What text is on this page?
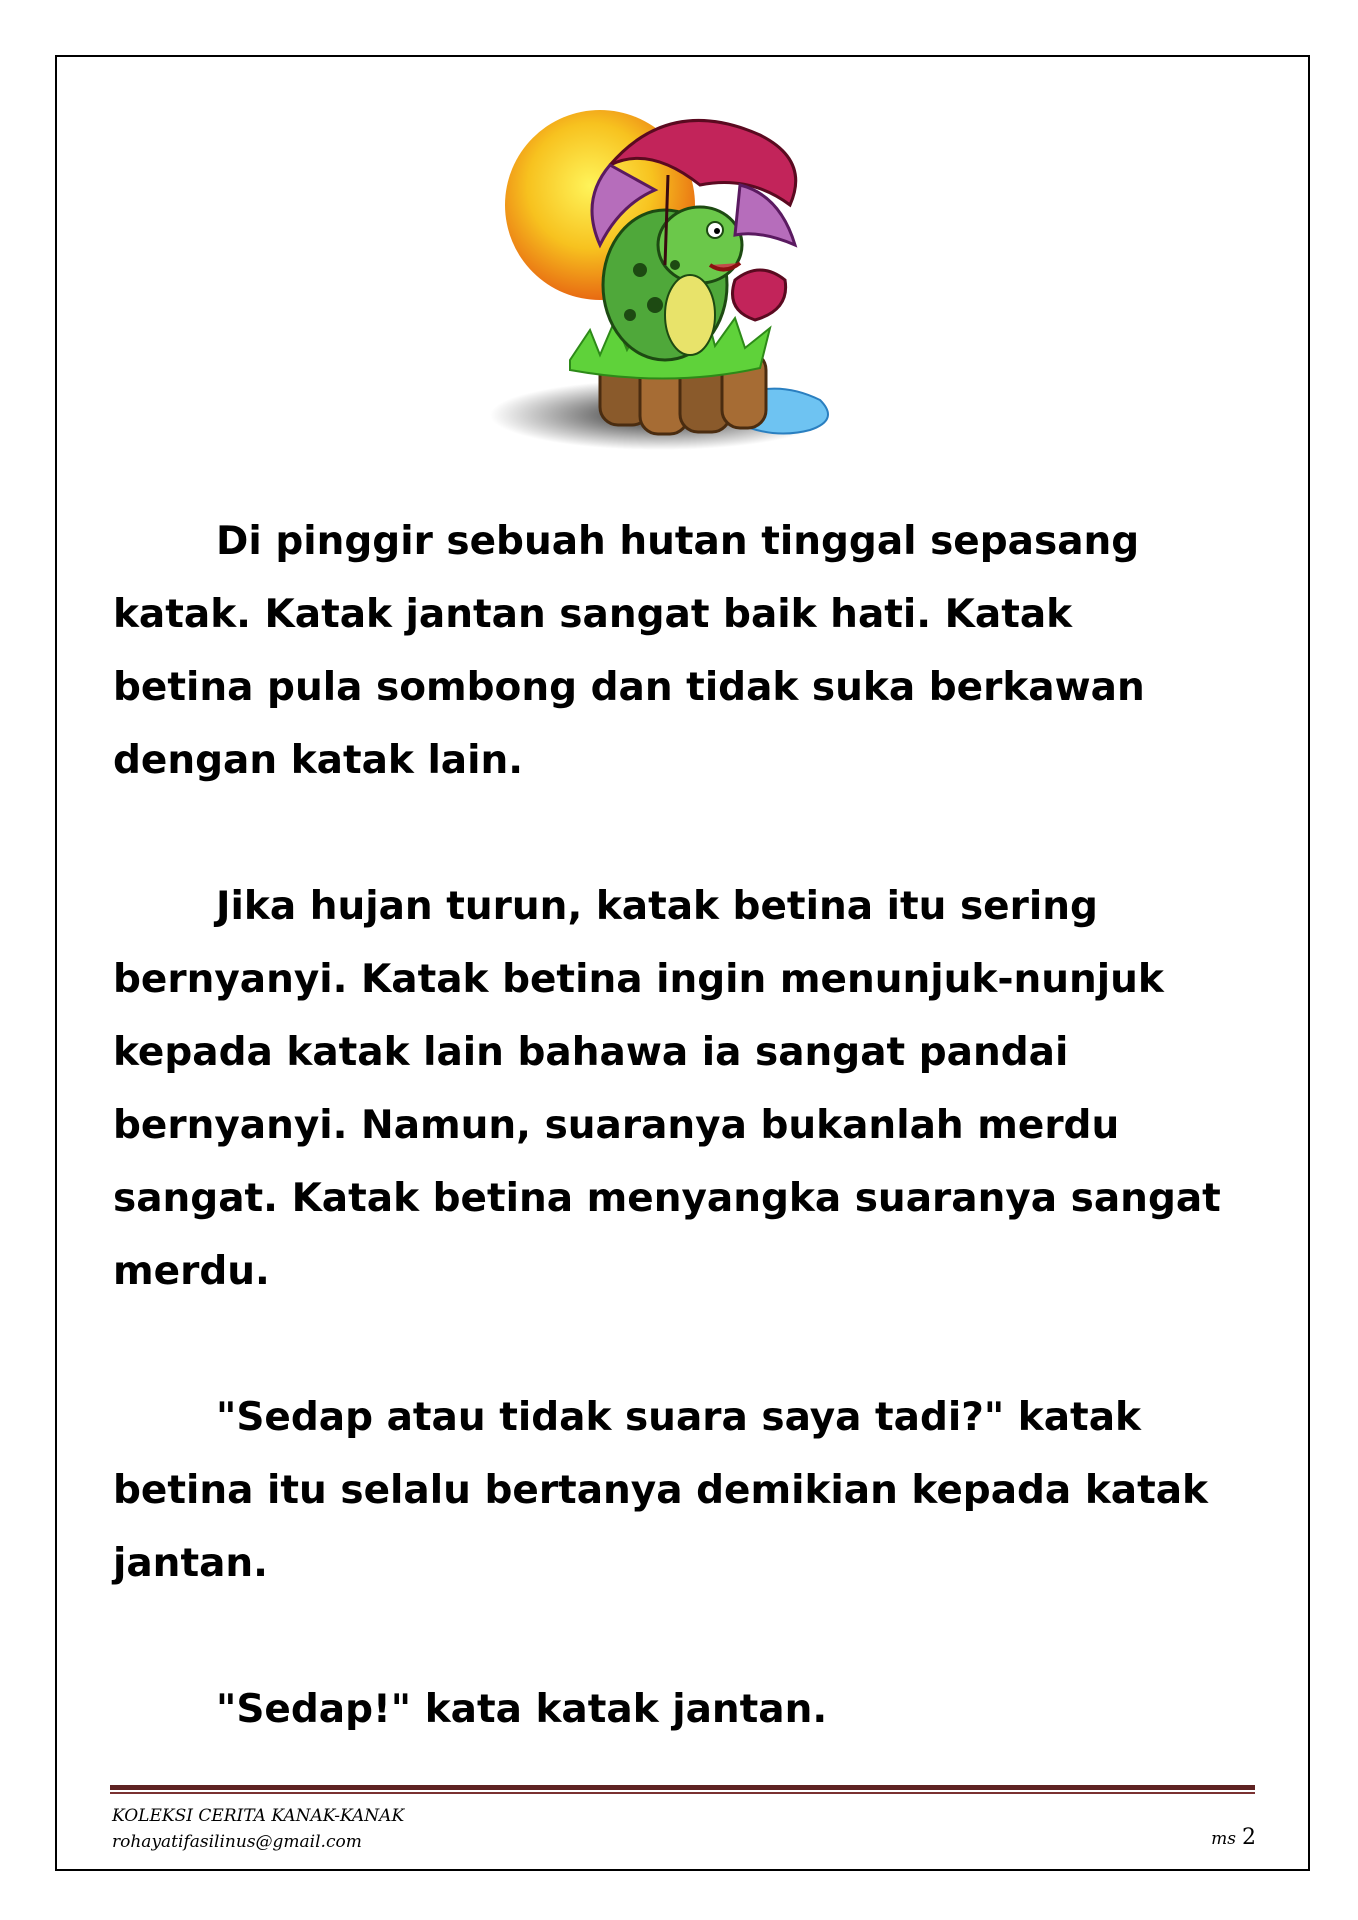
Di pinggir sebuah hutan tinggal sepasang
katak. Katak jantan sangat baik hati. Katak
betina pula sombong dan tidak suka berkawan
dengan katak lain.

Jika hujan turun, katak betina itu sering
bernyanyi. Katak betina ingin menunjuk-nunjuk
kepada katak lain bahawa ia sangat pandai
bernyanyi. Namun, suaranya bukanlah merdu
sangat. Katak betina menyangka suaranya sangat
merdu.

"Sedap atau tidak suara saya tadi?" katak
betina itu selalu bertanya demikian kepada katak
jantan.

"Sedap!" kata katak jantan.

KOLEKSI CERITA KANAK-KANAK
rohayatifasilinus@gmail.com	ms 2
